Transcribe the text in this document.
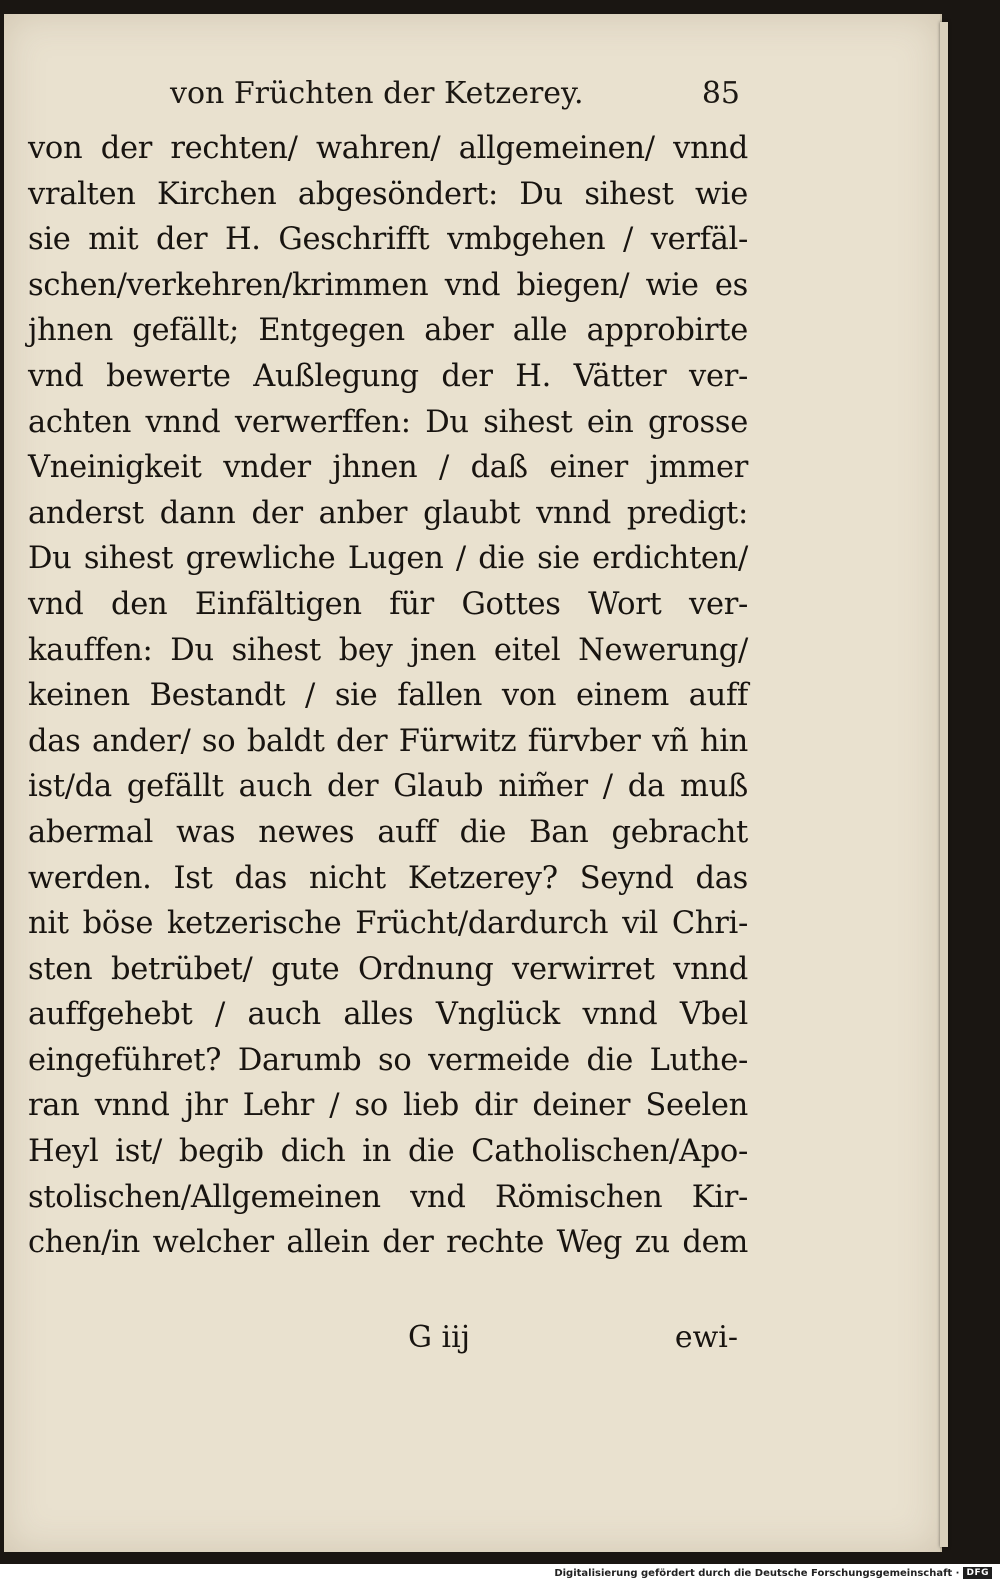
von Früchten der Ketzerey.	85
von der rechten/ wahren/ allgemeinen/ vnnd
vralten Kirchen abgesöndert: Du sihest wie
sie mit der H. Geschrifft vmbgehen / verfäl-
schen/verkehren/krimmen vnd biegen/ wie es
jhnen gefällt; Entgegen aber alle approbirte
vnd bewerte Außlegung der H. Vätter ver-
achten vnnd verwerffen: Du sihest ein grosse
Vneinigkeit vnder jhnen / daß einer jmmer
anderst dann der anber glaubt vnnd predigt:
Du sihest grewliche Lugen / die sie erdichten/
vnd den Einfältigen für Gottes Wort ver-
kauffen: Du sihest bey jnen eitel Newerung/
keinen Bestandt / sie fallen von einem auff
das ander/ so baldt der Fürwitz fürvber vñ hin
ist/da gefällt auch der Glaub nim̃er / da muß
abermal was newes auff die Ban gebracht
werden. Ist das nicht Ketzerey? Seynd das
nit böse ketzerische Frücht/dardurch vil Chri-
sten betrübet/ gute Ordnung verwirret vnnd
auffgehebt / auch alles Vnglück vnnd Vbel
eingeführet? Darumb so vermeide die Luthe-
ran vnnd jhr Lehr / so lieb dir deiner Seelen
Heyl ist/ begib dich in die Catholischen/Apo-
stolischen/Allgemeinen vnd Römischen Kir-
chen/in welcher allein der rechte Weg zu dem
G iij	ewi-
Digitalisierung gefördert durch die Deutsche Forschungsgemeinschaft · DFG
